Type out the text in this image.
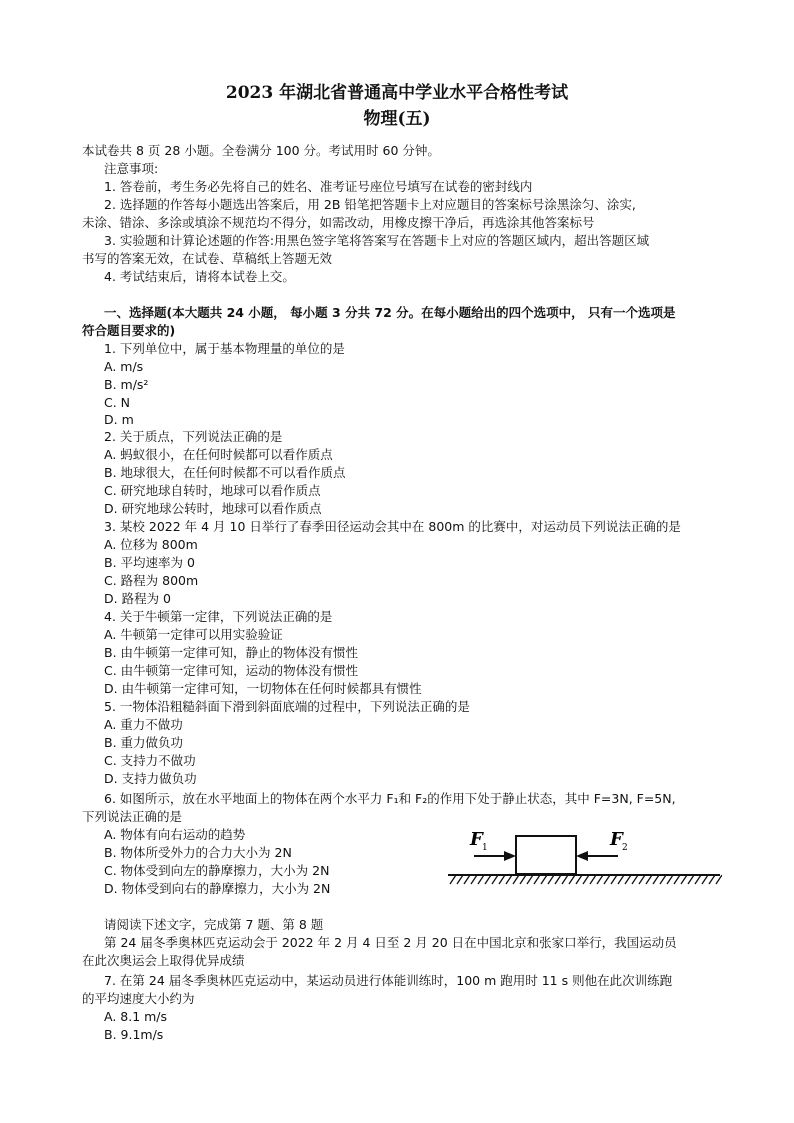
2023 年湖北省普通高中学业水平合格性考试
物理(五)
本试卷共 8 页 28 小题。全卷满分 100 分。考试用时 60 分钟。
注意事项:
1. 答卷前，考生务必先将自己的姓名、准考证号座位号填写在试卷的密封线内
2. 选择题的作答每小题选出答案后，用 2B 铅笔把答题卡上对应题目的答案标号涂黑涂匀、涂实,
未涂、错涂、多涂或填涂不规范均不得分，如需改动，用橡皮擦干净后，再选涂其他答案标号
3. 实验题和计算论述题的作答:用黑色签字笔将答案写在答题卡上对应的答题区域内，超出答题区域
书写的答案无效，在试卷、草稿纸上答题无效
4. 考试结束后，请将本试卷上交。
一、选择题(本大题共 24 小题， 每小题 3 分共 72 分。在每小题给出的四个选项中， 只有一个选项是
符合题目要求的)
1. 下列单位中，属于基本物理量的单位的是
A. m/s
B. m/s²
C. N
D. m
2. 关于质点，下列说法正确的是
A. 蚂蚁很小，在任何时候都可以看作质点
B. 地球很大，在任何时候都不可以看作质点
C. 研究地球自转时，地球可以看作质点
D. 研究地球公转时，地球可以看作质点
3. 某校 2022 年 4 月 10 日举行了春季田径运动会其中在 800m 的比赛中，对运动员下列说法正确的是
A. 位移为 800m
B. 平均速率为 0
C. 路程为 800m
D. 路程为 0
4. 关于牛顿第一定律，下列说法正确的是
A. 牛顿第一定律可以用实验验证
B. 由牛顿第一定律可知，静止的物体没有惯性
C. 由牛顿第一定律可知，运动的物体没有惯性
D. 由牛顿第一定律可知，一切物体在任何时候都具有惯性
5. 一物体沿粗糙斜面下滑到斜面底端的过程中，下列说法正确的是
A. 重力不做功
B. 重力做负功
C. 支持力不做功
D. 支持力做负功
6. 如图所示，放在水平地面上的物体在两个水平力 F₁和 F₂的作用下处于静止状态，其中 F=3N, F=5N,
下列说法正确的是
A. 物体有向右运动的趋势
B. 物体所受外力的合力大小为 2N
C. 物体受到向左的静摩擦力，大小为 2N
D. 物体受到向右的静摩擦力，大小为 2N
F 1	F 2
请阅读下述文字，完成第 7 题、第 8 题
第 24 届冬季奥林匹克运动会于 2022 年 2 月 4 日至 2 月 20 日在中国北京和张家口举行，我国运动员
在此次奥运会上取得优异成绩
7. 在第 24 届冬季奥林匹克运动中，某运动员进行体能训练时，100 m 跑用时 11 s 则他在此次训练跑
的平均速度大小约为
A. 8.1 m/s
B. 9.1m/s
